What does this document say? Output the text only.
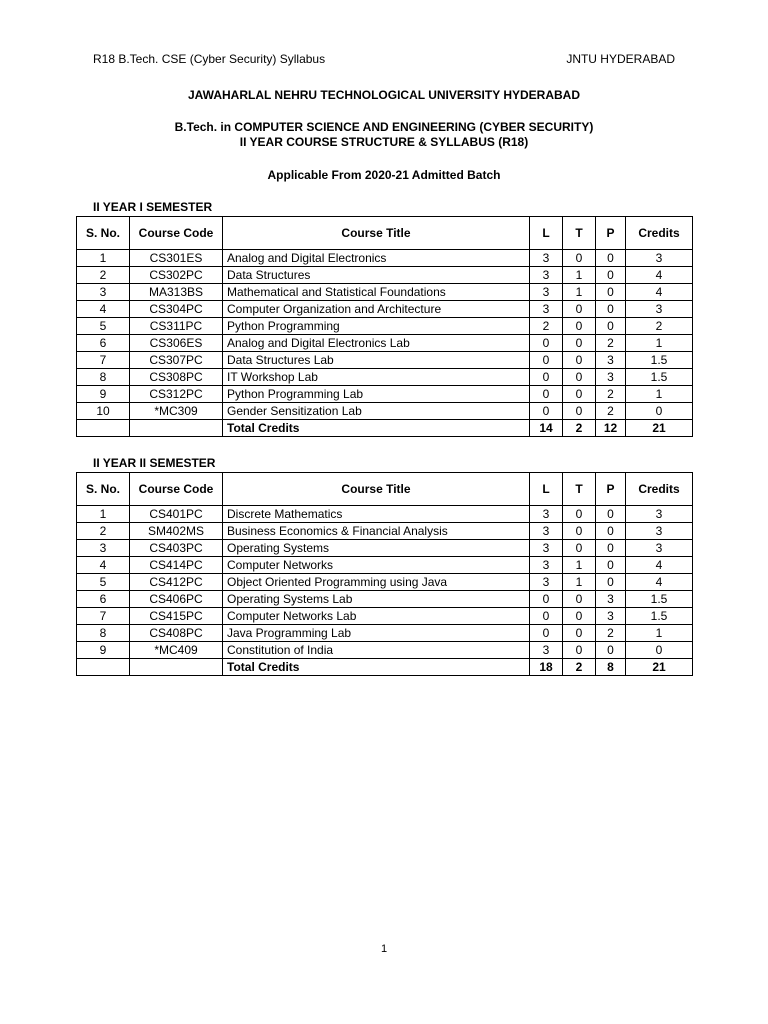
R18 B.Tech. CSE (Cyber Security) Syllabus	JNTU HYDERABAD
JAWAHARLAL NEHRU TECHNOLOGICAL UNIVERSITY HYDERABAD
B.Tech. in COMPUTER SCIENCE AND ENGINEERING (CYBER SECURITY)
II YEAR COURSE STRUCTURE & SYLLABUS (R18)
Applicable From 2020-21 Admitted Batch
II YEAR I SEMESTER
S. No.	Course Code	Course Title	L	T	P	Credits
1	CS301ES	Analog and Digital Electronics	3	0	0	3
2	CS302PC	Data Structures	3	1	0	4
3	MA313BS	Mathematical and Statistical Foundations	3	1	0	4
4	CS304PC	Computer Organization and Architecture	3	0	0	3
5	CS311PC	Python Programming	2	0	0	2
6	CS306ES	Analog and Digital Electronics Lab	0	0	2	1
7	CS307PC	Data Structures Lab	0	0	3	1.5
8	CS308PC	IT Workshop Lab	0	0	3	1.5
9	CS312PC	Python Programming Lab	0	0	2	1
10	*MC309	Gender Sensitization Lab	0	0	2	0
		Total Credits	14	2	12	21
II YEAR II SEMESTER
S. No.	Course Code	Course Title	L	T	P	Credits
1	CS401PC	Discrete Mathematics	3	0	0	3
2	SM402MS	Business Economics & Financial Analysis	3	0	0	3
3	CS403PC	Operating Systems	3	0	0	3
4	CS414PC	Computer Networks	3	1	0	4
5	CS412PC	Object Oriented Programming using Java	3	1	0	4
6	CS406PC	Operating Systems Lab	0	0	3	1.5
7	CS415PC	Computer Networks Lab	0	0	3	1.5
8	CS408PC	Java Programming Lab	0	0	2	1
9	*MC409	Constitution of India	3	0	0	0
		Total Credits	18	2	8	21
1
